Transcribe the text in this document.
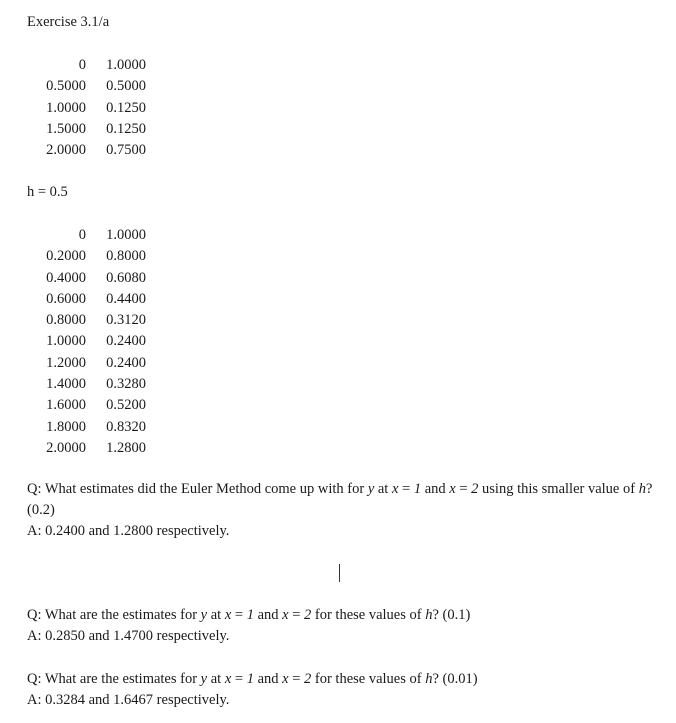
Exercise 3.1/a
0	1.0000
0.5000	0.5000
1.0000	0.1250
1.5000	0.1250
2.0000	0.7500
h = 0.5
0	1.0000
0.2000	0.8000
0.4000	0.6080
0.6000	0.4400
0.8000	0.3120
1.0000	0.2400
1.2000	0.2400
1.4000	0.3280
1.6000	0.5200
1.8000	0.8320
2.0000	1.2800
Q: What estimates did the Euler Method come up with for y at x = 1 and x = 2 using this smaller value of h? (0.2)
A: 0.2400 and 1.2800 respectively.
Q: What are the estimates for y at x = 1 and x = 2 for these values of h? (0.1)
A: 0.2850 and 1.4700 respectively.
Q: What are the estimates for y at x = 1 and x = 2 for these values of h? (0.01)
A: 0.3284 and 1.6467 respectively.
